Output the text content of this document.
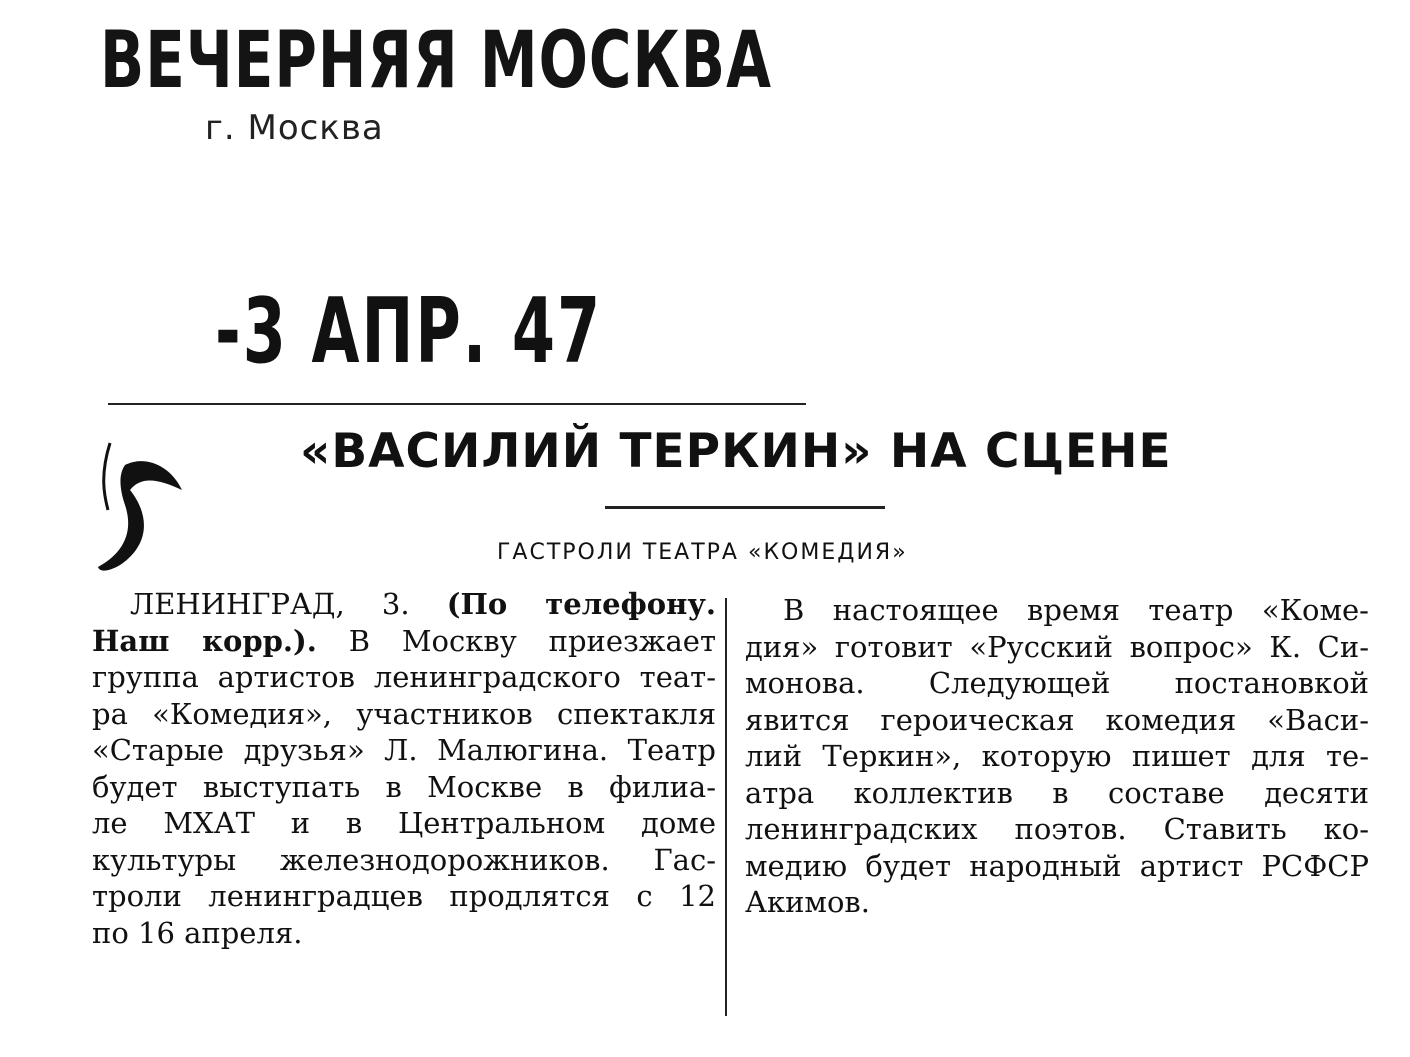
ВЕЧЕРНЯЯ МОСКВА
г. Москва
-3 АПР. 47
«ВАСИЛИЙ ТЕРКИН» НА СЦЕНЕ
ГАСТРОЛИ ТЕАТРА «КОМЕДИЯ»
ЛЕНИНГРАД, 3. (По телефону.
Наш корр.). В Москву приезжает
группа артистов ленинградского теат-
ра «Комедия», участников спектакля
«Старые друзья» Л. Малюгина. Театр
будет выступать в Москве в филиа-
ле МХАТ и в Центральном доме
культуры железнодорожников. Гас-
троли ленинградцев продлятся с 12
по 16 апреля.
В настоящее время театр «Коме-
дия» готовит «Русский вопрос» К. Си-
монова. Следующей постановкой
явится героическая комедия «Васи-
лий Теркин», которую пишет для те-
атра коллектив в составе десяти
ленинградских поэтов. Ставить ко-
медию будет народный артист РСФСР
Акимов.
